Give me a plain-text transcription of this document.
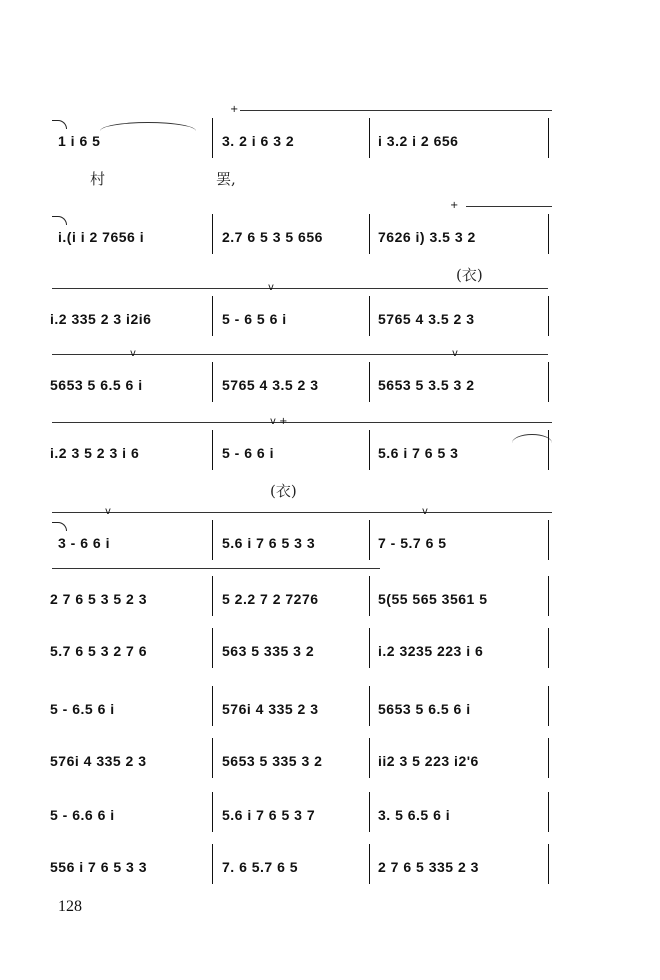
+
1 i 6 5	3. 2 i 6 3 2	i 3.2 i 2 656
村	罢,
+
i.(i i 2 7656 i	2.7 6 5 3 5 656	7626 i) 3.5 3 2
(衣)
v
i.2 335 2 3 i2i6	5 - 6 5 6 i	5765 4 3.5 2 3
v	v
5653 5 6.5 6 i	5765 4 3.5 2 3	5653 5 3.5 3 2
v +
i.2 3 5 2 3 i 6	5 - 6 6 i	5.6 i 7 6 5 3
(衣)
v	v
3 - 6 6 i	5.6 i 7 6 5 3 3	7 - 5.7 6 5
2 7 6 5 3 5 2 3	5 2.2 7 2 7276	5(55 565 3561 5
5.7 6 5 3 2 7 6	563 5 335 3 2	i.2 3235 223 i 6
5 - 6.5 6 i	576i 4 335 2 3	5653 5 6.5 6 i
576i 4 335 2 3	5653 5 335 3 2	ii2 3 5 223 i2'6
5 - 6.6 6 i	5.6 i 7 6 5 3 7	3. 5 6.5 6 i
556 i 7 6 5 3 3	7. 6 5.7 6 5	2 7 6 5 335 2 3
128
